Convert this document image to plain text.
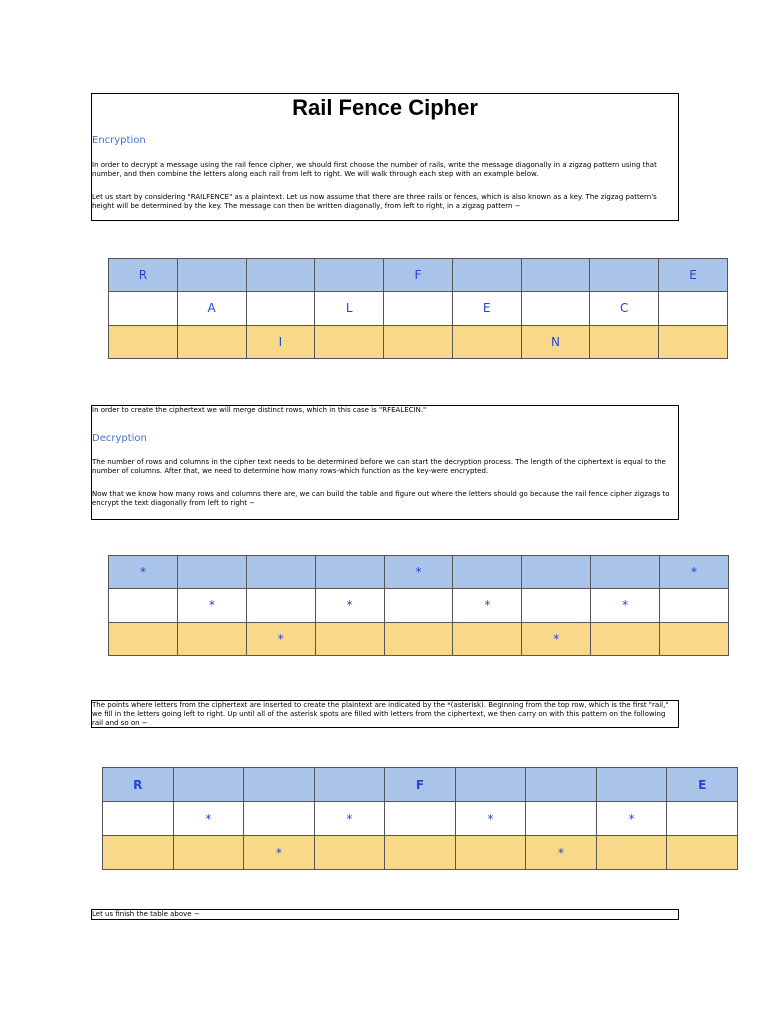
Rail Fence Cipher
Encryption

In order to decrypt a message using the rail fence cipher, we should first choose the number of rails, write the message diagonally in a zigzag pattern using that number, and then combine the letters along each rail from left to right. We will walk through each step with an example below.

Let us start by considering "RAILFENCE" as a plaintext. Let us now assume that there are three rails or fences, which is also known as a key. The zigzag pattern's height will be determined by the key. The message can then be written diagonally, from left to right, in a zigzag pattern −

R				F				E
	A		L		E		C	
		I				N		

In order to create the ciphertext we will merge distinct rows, which in this case is "RFEALECIN."

Decryption

The number of rows and columns in the cipher text needs to be determined before we can start the decryption process. The length of the ciphertext is equal to the number of columns. After that, we need to determine how many rows-which function as the key-were encrypted.

Now that we know how many rows and columns there are, we can build the table and figure out where the letters should go because the rail fence cipher zigzags to encrypt the text diagonally from left to right −

*				*				*
	*		*		*		*	
		*				*		

The points where letters from the ciphertext are inserted to create the plaintext are indicated by the *(asterisk). Beginning from the top row, which is the first "rail," we fill in the letters going left to right. Up until all of the asterisk spots are filled with letters from the ciphertext, we then carry on with this pattern on the following rail and so on −

R				F				E
	*		*		*		*	
		*				*		

Let us finish the table above −
